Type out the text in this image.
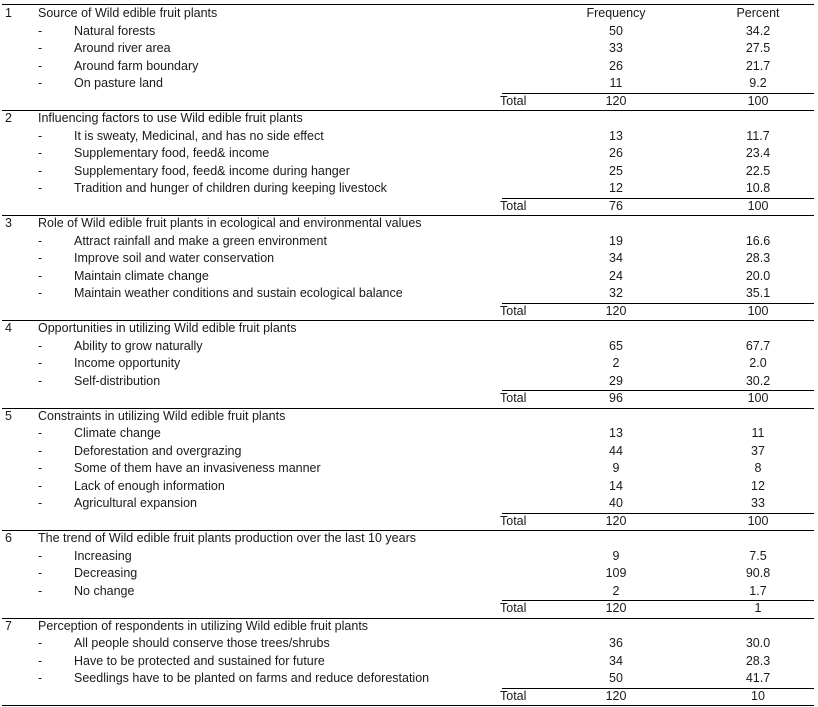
1 Source of Wild edible fruit plants	Frequency	Percent
-	Natural forests	50	34.2
-	Around river area	33	27.5
-	Around farm boundary	26	21.7
-	On pasture land	11	9.2
Total	120	100
2 Influencing factors to use Wild edible fruit plants
-	It is sweaty, Medicinal, and has no side effect	13	11.7
-	Supplementary food, feed& income	26	23.4
-	Supplementary food, feed& income during hanger	25	22.5
-	Tradition and hunger of children during keeping livestock	12	10.8
Total	76	100
3 Role of Wild edible fruit plants in ecological and environmental values
-	Attract rainfall and make a green environment	19	16.6
-	Improve soil and water conservation	34	28.3
-	Maintain climate change	24	20.0
-	Maintain weather conditions and sustain ecological balance	32	35.1
Total	120	100
4 Opportunities in utilizing Wild edible fruit plants
-	Ability to grow naturally	65	67.7
-	Income opportunity	2	2.0
-	Self-distribution	29	30.2
Total	96	100
5 Constraints in utilizing Wild edible fruit plants
-	Climate change	13	11
-	Deforestation and overgrazing	44	37
-	Some of them have an invasiveness manner	9	8
-	Lack of enough information	14	12
-	Agricultural expansion	40	33
Total	120	100
6 The trend of Wild edible fruit plants production over the last 10 years
-	Increasing	9	7.5
-	Decreasing	109	90.8
-	No change	2	1.7
Total	120	1
7 Perception of respondents in utilizing Wild edible fruit plants
-	All people should conserve those trees/shrubs	36	30.0
-	Have to be protected and sustained for future	34	28.3
-	Seedlings have to be planted on farms and reduce deforestation	50	41.7
Total	120	10
